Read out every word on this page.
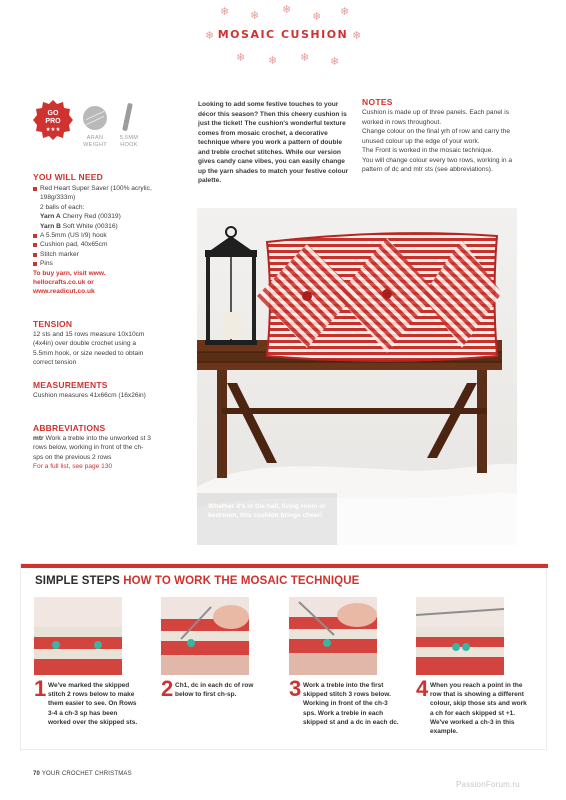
❄ ❄ ❄
❄ ❄
❄	❄
❄ ❄ ❄ ❄
MOSAIC CUSHION
GO
PRO
★★★
ARAN
WEIGHT
5.5MM
HOOK
YOU WILL NEED
Red Heart Super Saver (100% acrylic, 198g/333m)
2 balls of each:
Yarn A Cherry Red (00319)
Yarn B Soft White (00316)
A 5.5mm (US I/9) hook
Cushion pad, 40x65cm
Stitch marker
Pins
To buy yarn, visit www.
hellocrafts.co.uk or
www.readicut.co.uk
TENSION
12 sts and 15 rows measure 10x10cm (4x4in) over double crochet using a 5.5mm hook, or size needed to obtain correct tension
MEASUREMENTS
Cushion measures 41x66cm (16x26in)
ABBREVIATIONS
mtr Work a treble into the unworked st 3 rows below, working in front of the ch-sps on the previous 2 rows
For a full list, see page 130
Looking to add some festive touches to your décor this season? Then this cheery cushion is just the ticket! The cushion's wonderful texture comes from mosaic crochet, a decorative technique where you work a pattern of double and treble crochet stitches. While our version gives candy cane vibes, you can easily change up the yarn shades to match your festive colour palette.
NOTES
Cushion is made up of three panels. Each panel is worked in rows throughout.
Change colour on the final yrh of row and carry the unused colour up the edge of your work.
The Front is worked in the mosaic technique.
You will change colour every two rows, working in a pattern of dc and mtr sts (see abbreviations).
Whether it's in the hall, living room or bedroom, this cushion brings cheer!
SIMPLE STEPS HOW TO WORK THE MOSAIC TECHNIQUE
1 We've marked the skipped stitch 2 rows below to make them easier to see. On Rows 3-4 a ch-3 sp has been worked over the skipped sts.
2 Ch1, dc in each dc of row below to first ch-sp.	3 Work a treble into the first skipped stitch 3 rows below. Working in front of the ch-3 sps. Work a treble in each skipped st and a dc in each dc.
4 When you reach a point in the row that is showing a different colour, skip those sts and work a ch for each skipped st +1. We've worked a ch-3 in this example.
70 YOUR CROCHET CHRISTMAS
PassionForum.ru
